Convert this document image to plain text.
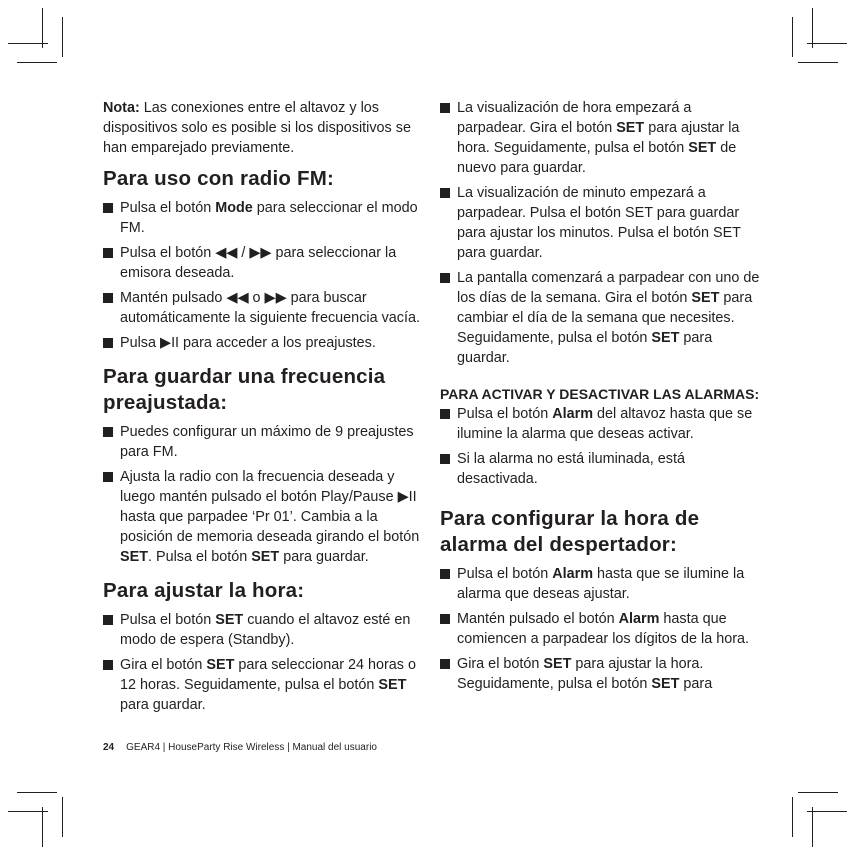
Nota: Las conexiones entre el altavoz y los dispositivos solo es posible si los dispositivos se han emparejado previamente.

Para uso con radio FM:
Pulsa el botón Mode para seleccionar el modo FM.
Pulsa el botón ◀◀ / ▶▶ para seleccionar la emisora deseada.
Mantén pulsado ◀◀ o ▶▶ para buscar automáticamente la siguiente frecuencia vacía.
Pulsa ▶II para acceder a los preajustes.
Para guardar una frecuencia preajustada:
Puedes configurar un máximo de 9 preajustes para FM.
Ajusta la radio con la frecuencia deseada y luego mantén pulsado el botón Play/Pause ▶II hasta que parpadee ‘Pr 01’. Cambia a la posición de memoria deseada girando el botón SET. Pulsa el botón SET para guardar.
Para ajustar la hora:
Pulsa el botón SET cuando el altavoz esté en modo de espera (Standby).
Gira el botón SET para seleccionar 24 horas o 12 horas. Seguidamente, pulsa el botón SET para guardar.
La visualización de hora empezará a parpadear. Gira el botón SET para ajustar la hora. Seguidamente, pulsa el botón SET de nuevo para guardar.
La visualización de minuto empezará a parpadear. Pulsa el botón SET para guardar para ajustar los minutos. Pulsa el botón SET para guardar.
La pantalla comenzará a parpadear con uno de los días de la semana. Gira el botón SET para cambiar el día de la semana que necesites. Seguidamente, pulsa el botón SET para guardar.
PARA ACTIVAR Y DESACTIVAR LAS ALARMAS:
Pulsa el botón Alarm del altavoz hasta que se ilumine la alarma que deseas activar.
Si la alarma no está iluminada, está desactivada.
Para configurar la hora de alarma del despertador:
Pulsa el botón Alarm hasta que se ilumine la alarma que deseas ajustar.
Mantén pulsado el botón Alarm hasta que comiencen a parpadear los dígitos de la hora.
Gira el botón SET para ajustar la hora. Seguidamente, pulsa el botón SET para
24 GEAR4 | HouseParty Rise Wireless | Manual del usuario
